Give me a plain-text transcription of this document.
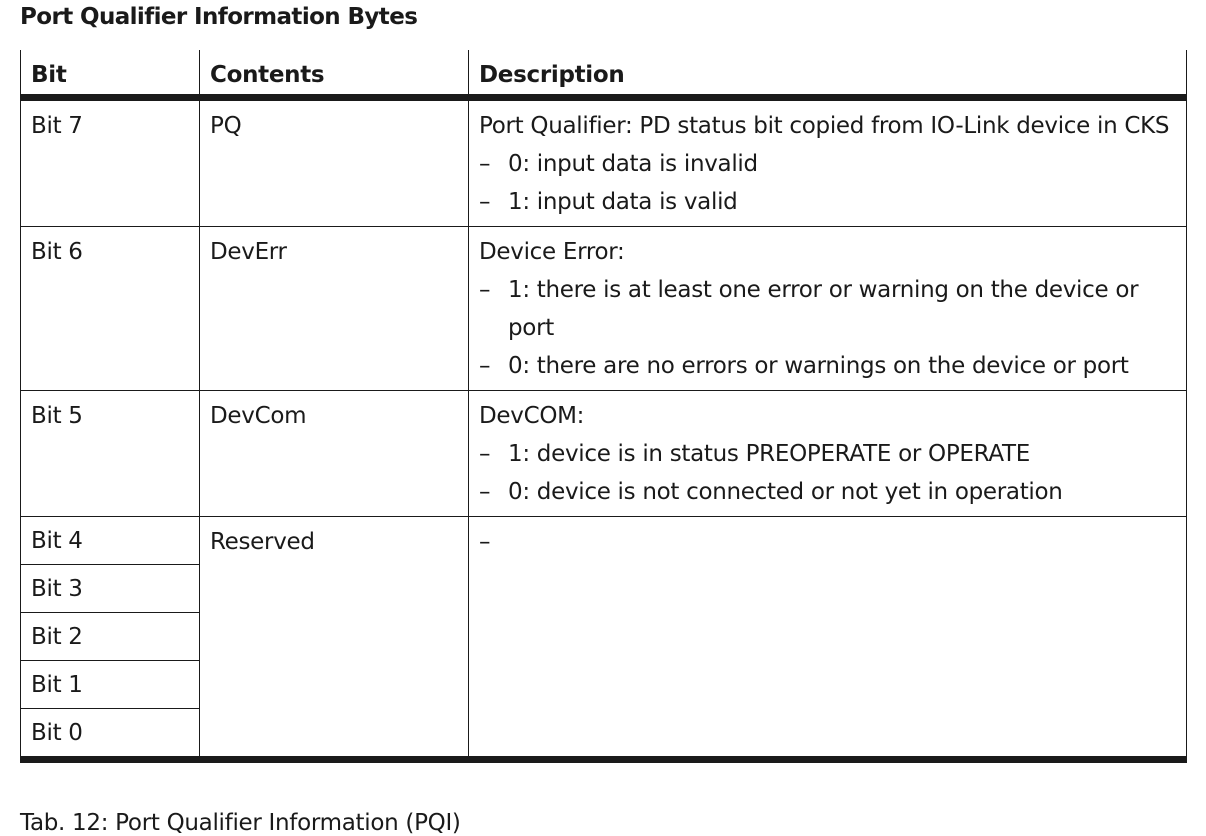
Port Qualifier Information Bytes
Bit	Contents	Description
Bit 7	PQ	Port Qualifier: PD status bit copied from IO-Link device in CKS
– 0: input data is invalid
– 1: input data is valid

Bit 6	DevErr	Device Error:
– 1: there is at least one error or warning on the device or port
– 0: there are no errors or warnings on the device or port

Bit 5	DevCom	DevCOM:
– 1: device is in status PREOPERATE or OPERATE
– 0: device is not connected or not yet in operation

Bit 4	Reserved	–
Bit 3		
Bit 2		
Bit 1		
Bit 0		
Tab. 12: Port Qualifier Information (PQI)
